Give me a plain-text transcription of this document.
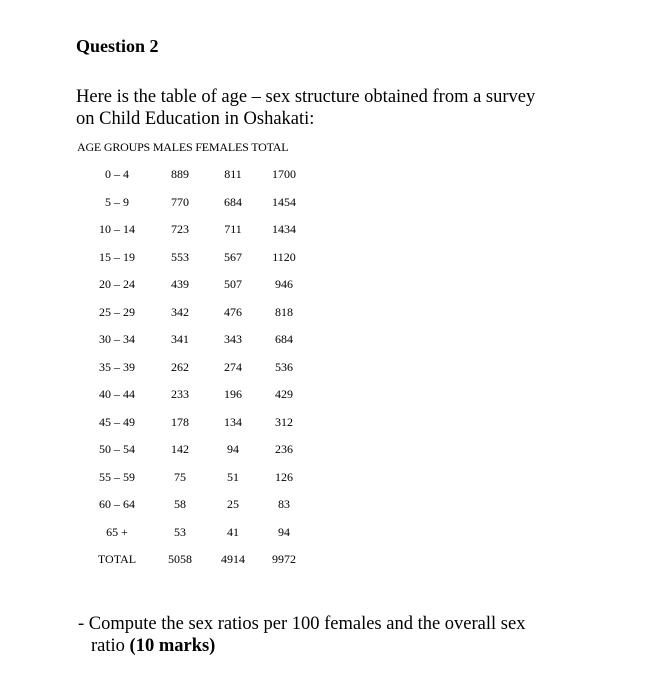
Question 2

Here is the table of age – sex structure obtained from a survey
on Child Education in Oshakati:

AGE GROUPS MALES FEMALES TOTAL
0 – 4	889	811	1700
5 – 9	770	684	1454
10 – 14	723	711	1434
15 – 19	553	567	1120
20 – 24	439	507	946
25 – 29	342	476	818
30 – 34	341	343	684
35 – 39	262	274	536
40 – 44	233	196	429
45 – 49	178	134	312
50 – 54	142	94	236
55 – 59	75	51	126
60 – 64	58	25	83
65 +	53	41	94
TOTAL	5058 4914 9972

- Compute the sex ratios per 100 females and the overall sex
ratio (10 marks)
